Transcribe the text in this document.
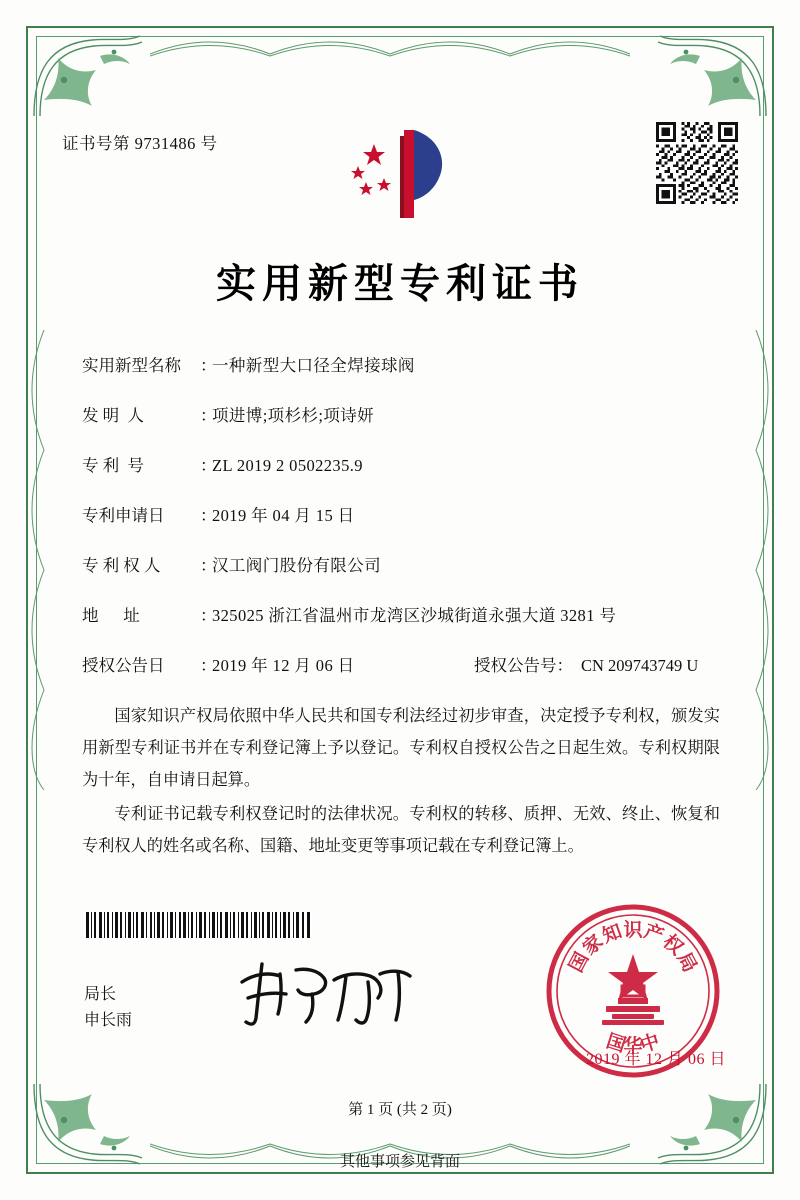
证书号第 9731486 号
实用新型专利证书
实用新型名称	：
一种新型大口径全焊接球阀
发 明  人	：
项进博;项杉杉;项诗妍
专 利  号	：
ZL 2019 2 0502235.9
专利申请日	：
2019 年 04 月 15 日
专 利 权 人	：
汉工阀门股份有限公司
地      址	：
325025 浙江省温州市龙湾区沙城街道永强大道 3281 号
授权公告日	：
2019 年 12 月 06 日	授权公告号 ： CN 209743749 U

国家知识产权局依照中华人民共和国专利法经过初步审查，决定授予专利权，颁发实用新型专利证书并在专利登记簿上予以登记。专利权自授权公告之日起生效。专利权期限为十年，自申请日起算。

专利证书记载专利权登记时的法律状况。专利权的转移、质押、无效、终止、恢复和专利权人的姓名或名称、国籍、地址变更等事项记载在专利登记簿上。

局长
申长雨
国
家
知
识
产
权
局
中
华
国
2019 年 12 月 06 日
第 1 页 (共 2 页)
其他事项参见背面
